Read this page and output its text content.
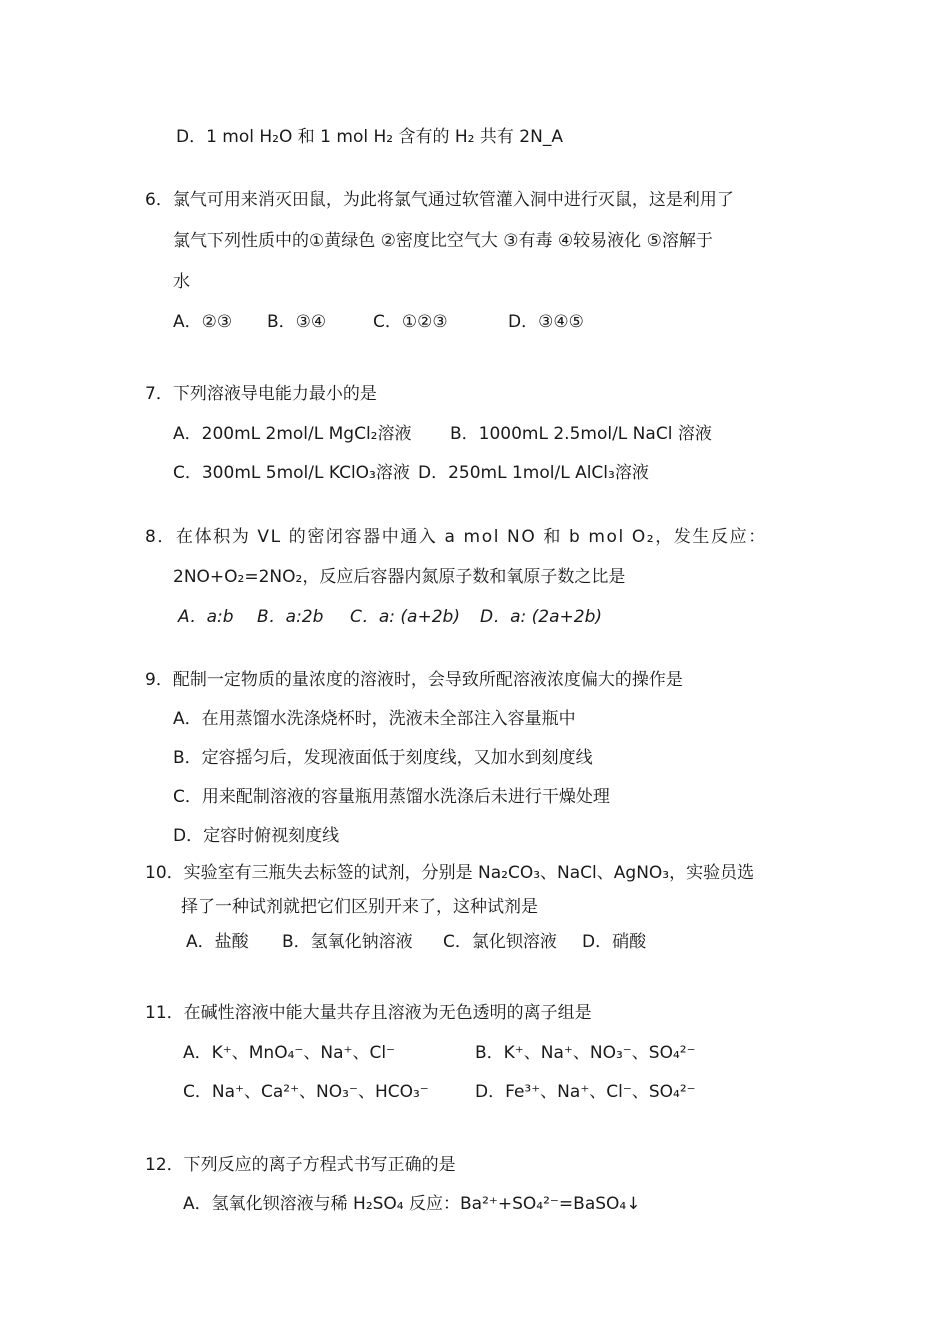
D．1 mol H₂O 和 1 mol H₂ 含有的 H₂ 共有 2N_A
6．氯气可用来消灭田鼠，为此将氯气通过软管灌入洞中进行灭鼠，这是利用了
氯气下列性质中的①黄绿色 ②密度比空气大 ③有毒 ④较易液化 ⑤溶解于
水
A．②③ B．③④	C．①②③	D．③④⑤
7．下列溶液导电能力最小的是
A．200mL 2mol/L MgCl₂溶液 B．1000mL 2.5mol/L NaCl 溶液
C．300mL 5mol/L KClO₃溶液 D．250mL 1mol/L AlCl₃溶液
8．在体积为 VL 的密闭容器中通入 a mol NO 和 b mol O₂，发生反应：
2NO+O₂=2NO₂，反应后容器内氮原子数和氧原子数之比是
A．a:b B．a:2b C．a: (a+2b) D．a: (2a+2b)
9．配制一定物质的量浓度的溶液时，会导致所配溶液浓度偏大的操作是
A．在用蒸馏水洗涤烧杯时，洗液未全部注入容量瓶中
B．定容摇匀后，发现液面低于刻度线，又加水到刻度线
C．用来配制溶液的容量瓶用蒸馏水洗涤后未进行干燥处理
D．定容时俯视刻度线
10．实验室有三瓶失去标签的试剂，分别是 Na₂CO₃、NaCl、AgNO₃，实验员选
择了一种试剂就把它们区别开来了，这种试剂是
A．盐酸 B．氢氧化钠溶液 C．氯化钡溶液 D．硝酸
11．在碱性溶液中能大量共存且溶液为无色透明的离子组是
A．K⁺、MnO₄⁻、Na⁺、Cl⁻	B．K⁺、Na⁺、NO₃⁻、SO₄²⁻
C．Na⁺、Ca²⁺、NO₃⁻、HCO₃⁻	D．Fe³⁺、Na⁺、Cl⁻、SO₄²⁻
12．下列反应的离子方程式书写正确的是
A．氢氧化钡溶液与稀 H₂SO₄ 反应：Ba²⁺+SO₄²⁻=BaSO₄↓
